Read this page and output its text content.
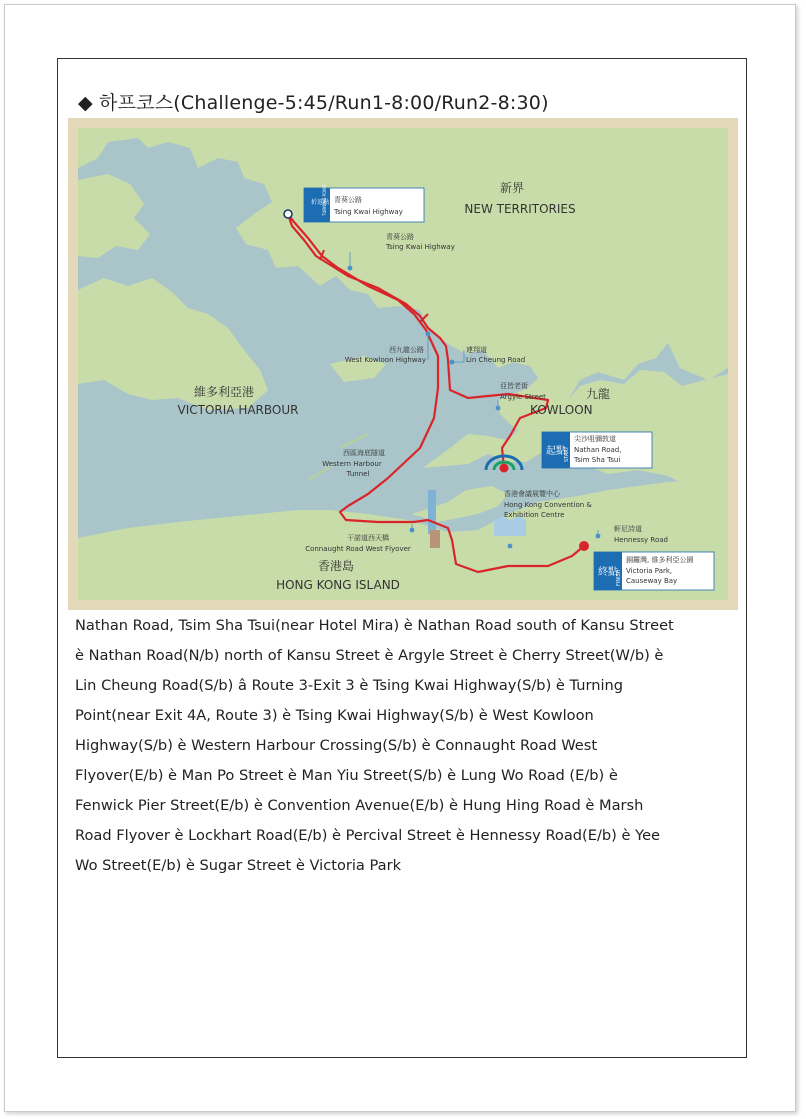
◆ 하프코스(Challenge-5:45/Run1-8:00/Run2-8:30)
新界
NEW TERRITORIES
維多利亞港
VICTORIA HARBOUR
九龍
KOWLOON
香港島
HONG KONG ISLAND
青葵公路
Tsing Kwai Highway
西九龍公路
West Kowloon Highway
連翔道
Lin Cheung Road
亞皆老街
Argyle Street
西區海底隧道
Western Harbour
Tunnel
香港會議展覽中心
Hong Kong Convention &
Exhibition Centre
干諾道西天橋
Connaught Road West Flyover
軒尼詩道
Hennessy Road
折返點
TURNING POINT 青葵公路
Tsing Kwai Highway
起點
START
尖沙咀彌敦道
Nathan Road,
Tsim Sha Tsui
終點
FINISH
銅鑼灣, 維多利亞公園
Victoria Park,
Causeway Bay
Nathan Road, Tsim Sha Tsui(near Hotel Mira) è Nathan Road south of Kansu Street
è Nathan Road(N/b) north of Kansu Street è Argyle Street è Cherry Street(W/b) è
Lin Cheung Road(S/b) â Route 3-Exit 3 è Tsing Kwai Highway(S/b) è Turning
Point(near Exit 4A, Route 3) è Tsing Kwai Highway(S/b) è West Kowloon
Highway(S/b) è Western Harbour Crossing(S/b) è Connaught Road West
Flyover(E/b) è Man Po Street è Man Yiu Street(S/b) è Lung Wo Road (E/b) è
Fenwick Pier Street(E/b) è Convention Avenue(E/b) è Hung Hing Road è Marsh
Road Flyover è Lockhart Road(E/b) è Percival Street è Hennessy Road(E/b) è Yee
Wo Street(E/b) è Sugar Street è Victoria Park
